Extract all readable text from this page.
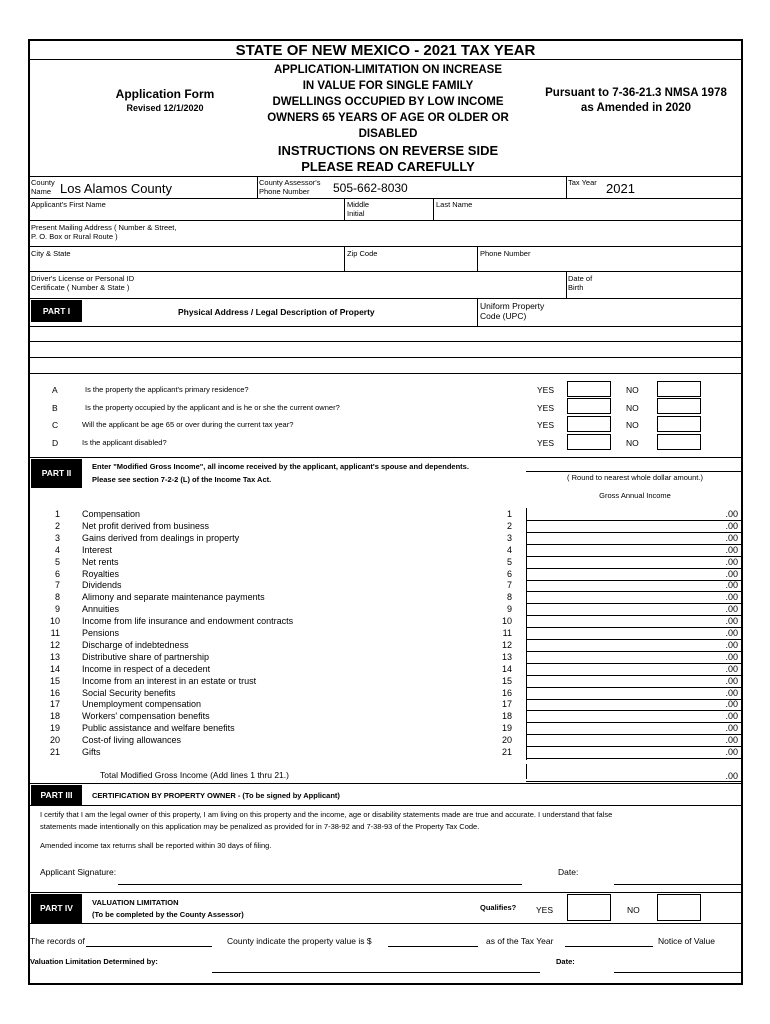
STATE OF NEW MEXICO - 2021 TAX YEAR
Application Form
Revised 12/1/2020
APPLICATION-LIMITATION ON INCREASE
IN VALUE FOR SINGLE FAMILY
DWELLINGS OCCUPIED BY LOW INCOME
OWNERS 65 YEARS OF AGE OR OLDER OR
DISABLED
Pursuant to 7-36-21.3 NMSA 1978
as Amended in 2020
INSTRUCTIONS ON REVERSE SIDE
PLEASE READ CAREFULLY
County
Name Los Alamos County	County Assessor's
Phone Number	505-662-8030	Tax Year 2021
Applicant's First Name	Middle
Initial
Last Name
Present Mailing Address ( Number & Street,
P. O. Box or Rural Route )
City & State	Zip Code	Phone Number
Driver's License or Personal ID
Certificate ( Number & State )
Date of
Birth
PART I	Physical Address / Legal Description of Property
Uniform Property
Code (UPC)
A	Is the property the applicant's primary residence?	YES	NO
B	Is the property occupied by the applicant and is he or she the current owner?	YES	NO
C	Will the applicant be age 65 or over during the current tax year?	YES	NO
D	Is the applicant disabled?	YES	NO
PART II
Enter "Modified Gross Income", all income received by the applicant, applicant's spouse and dependents.
Please see section 7-2-2 (L) of the Income Tax Act.	( Round to nearest whole dollar amount.)
Gross Annual Income
1 Compensation	1	.00
2 Net profit derived from business	2	.00
3 Gains derived from dealings in property	3	.00
4 Interest	4	.00
5 Net rents	5	.00
6 Royalties	6	.00
7 Dividends	7	.00
8 Alimony and separate maintenance payments	8	.00
9 Annuities	9	.00
10 Income from life insurance and endowment contracts	10	.00
11 Pensions	11	.00
12 Discharge of indebtedness	12	.00
13 Distributive share of partnership	13	.00
14 Income in respect of a decedent	14	.00
15 Income from an interest in an estate or trust	15	.00
16 Social Security benefits	16	.00
17 Unemployment compensation	17	.00
18 Workers' compensation benefits	18	.00
19 Public assistance and welfare benefits	19	.00
20 Cost-of living allowances	20	.00
21 Gifts	21	.00
Total Modified Gross Income (Add lines 1 thru 21.)	.00
PART III	CERTIFICATION BY PROPERTY OWNER - (To be signed by Applicant)
I certify that I am the legal owner of this property, I am living on this property and the income, age or disability statements made are true and accurate. I understand that false
statements made intentionally on this application may be penalized as provided for in 7-38-92 and 7-38-93 of the Property Tax Code.
Amended income tax returns shall be reported within 30 days of filing.
Applicant Signature:	Date:
PART IV
VALUATION LIMITATION
(To be completed by the County Assessor)
Qualifies? YES	NO
The records of	County indicate the property value is $	as of the Tax Year	Notice of Value
Valuation Limitation Determined by:	Date:
